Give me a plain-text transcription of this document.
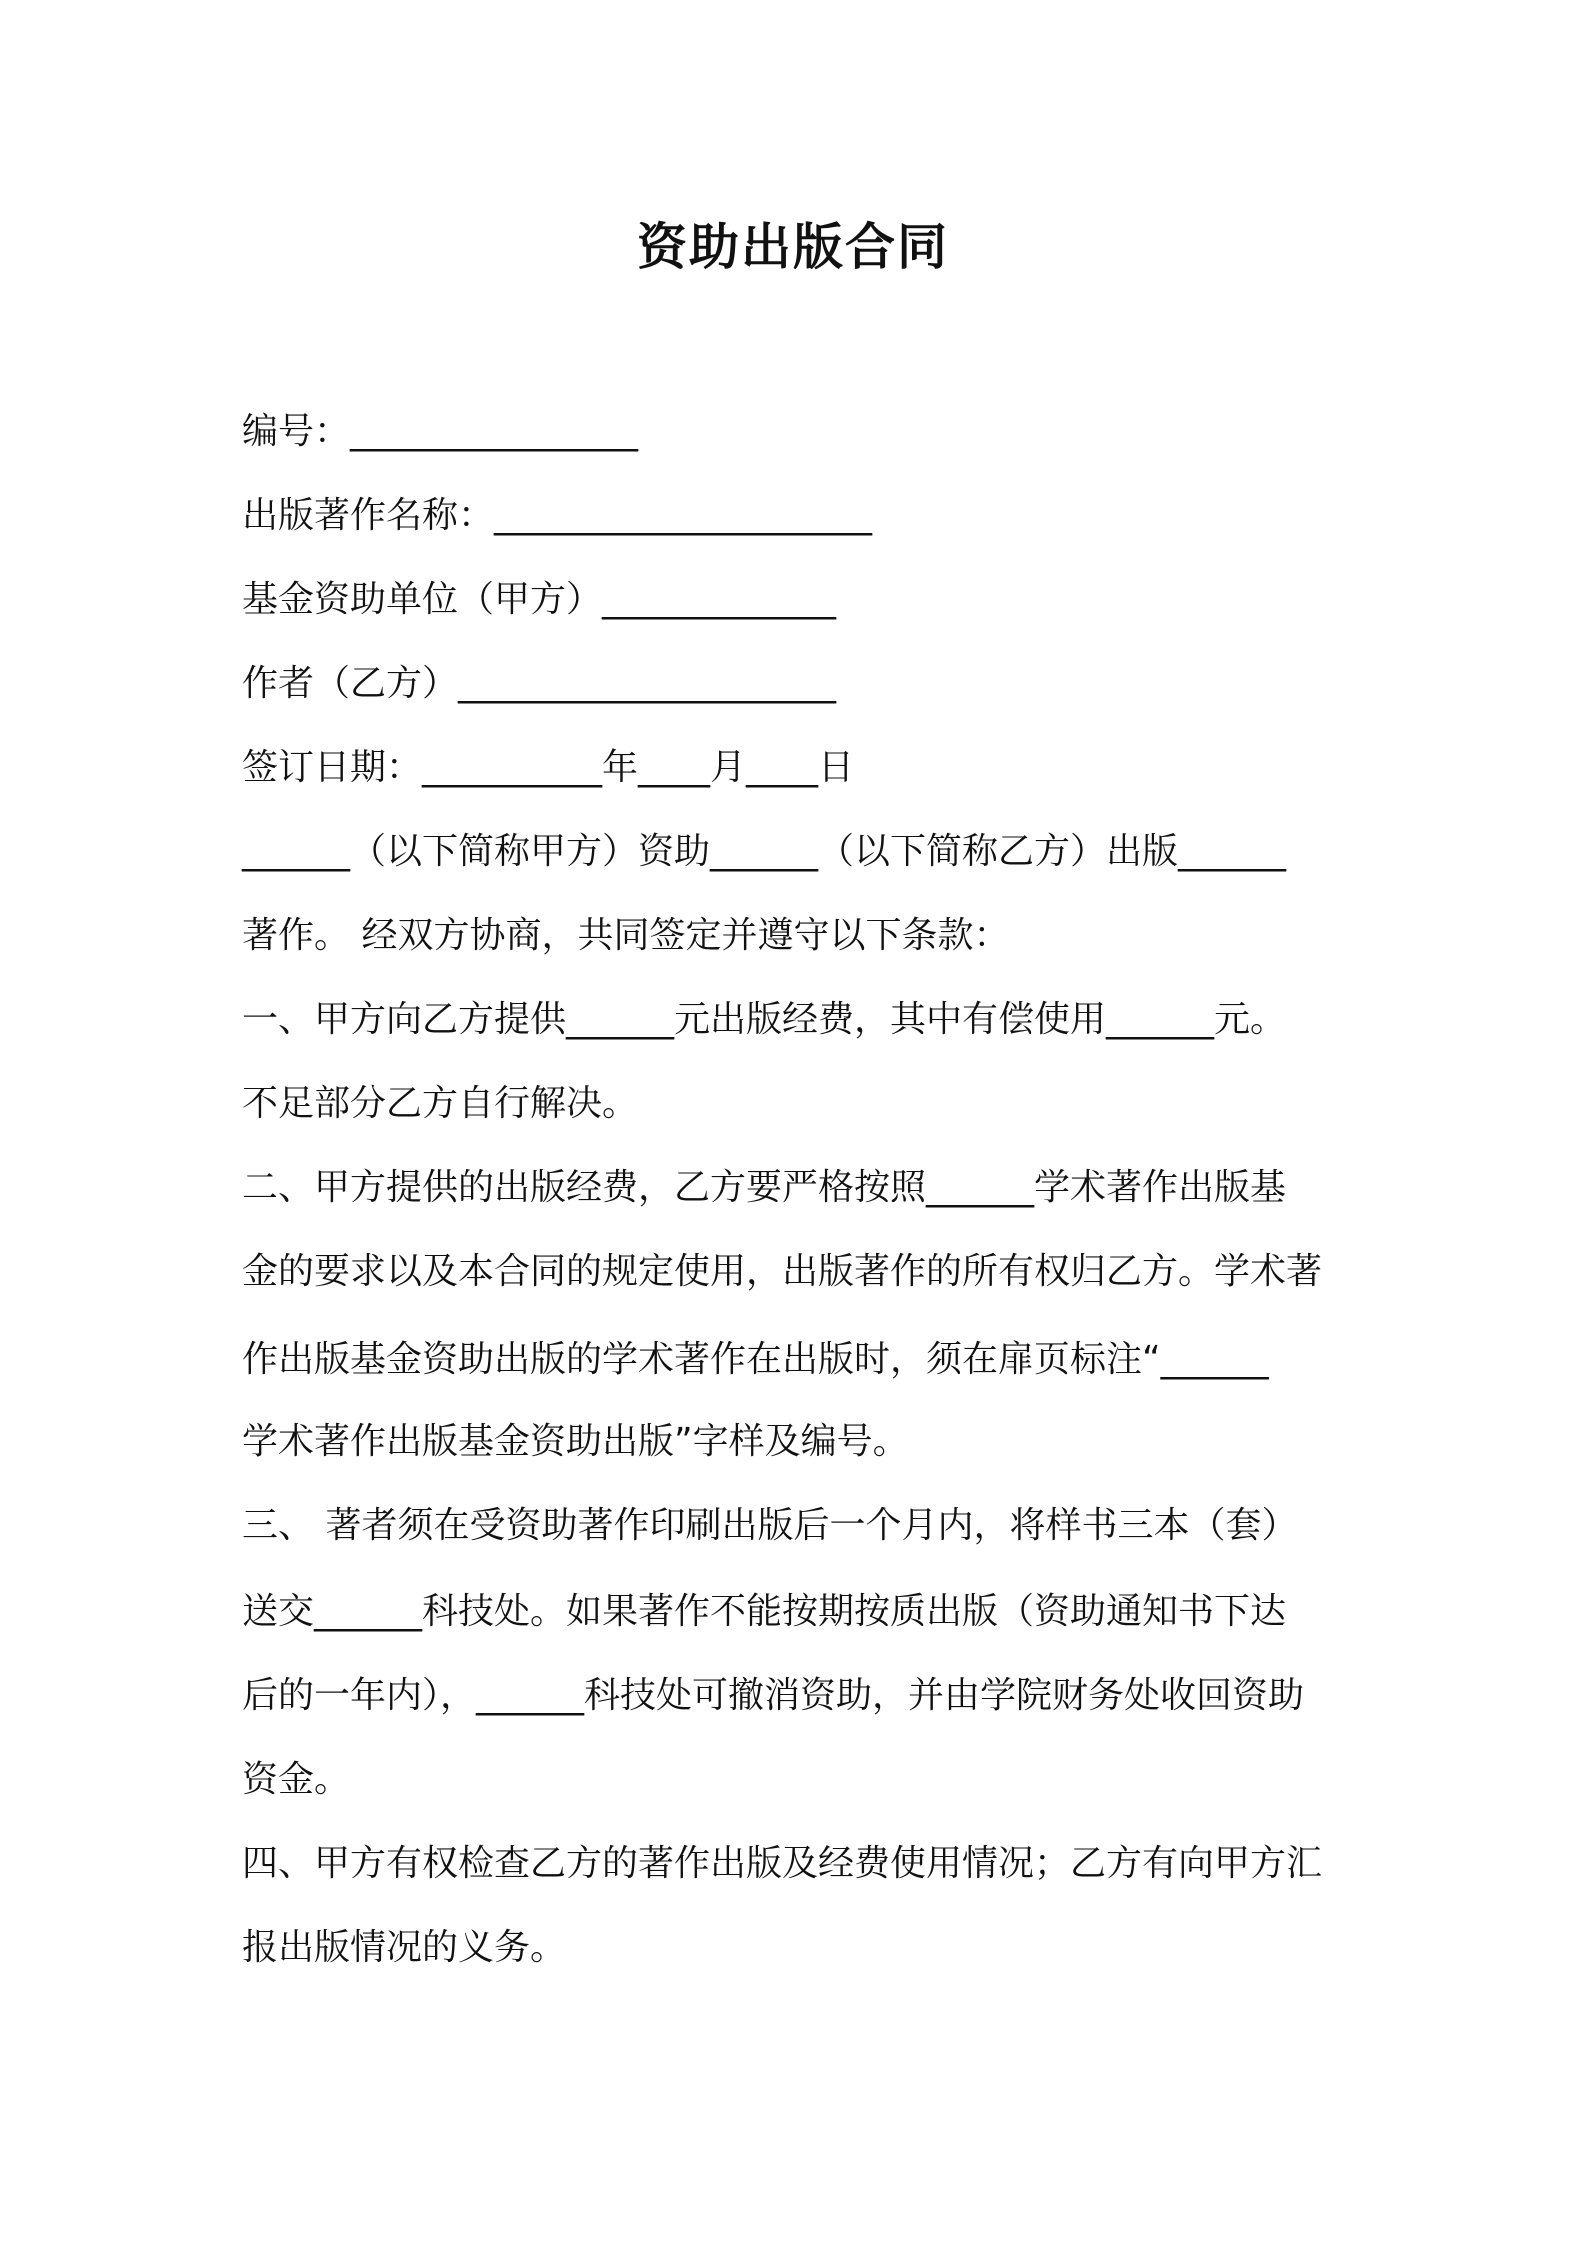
资助出版合同
编号：________________
出版著作名称：_____________________
基金资助单位（甲方）_____________
作者（乙方）_____________________
签订日期：__________年____月____日
______（以下简称甲方）资助______（以下简称乙方）出版______
著作。 经双方协商，共同签定并遵守以下条款：
一、甲方向乙方提供______元出版经费，其中有偿使用______元。
不足部分乙方自行解决。
二、甲方提供的出版经费，乙方要严格按照______学术著作出版基
金的要求以及本合同的规定使用，出版著作的所有权归乙方。学术著
作出版基金资助出版的学术著作在出版时，须在扉页标注“______
学术著作出版基金资助出版”字样及编号。
三、 著者须在受资助著作印刷出版后一个月内，将样书三本（套）
送交______科技处。如果著作不能按期按质出版（资助通知书下达
后的一年内），______科技处可撤消资助，并由学院财务处收回资助
资金。
四、甲方有权检查乙方的著作出版及经费使用情况；乙方有向甲方汇
报出版情况的义务。
